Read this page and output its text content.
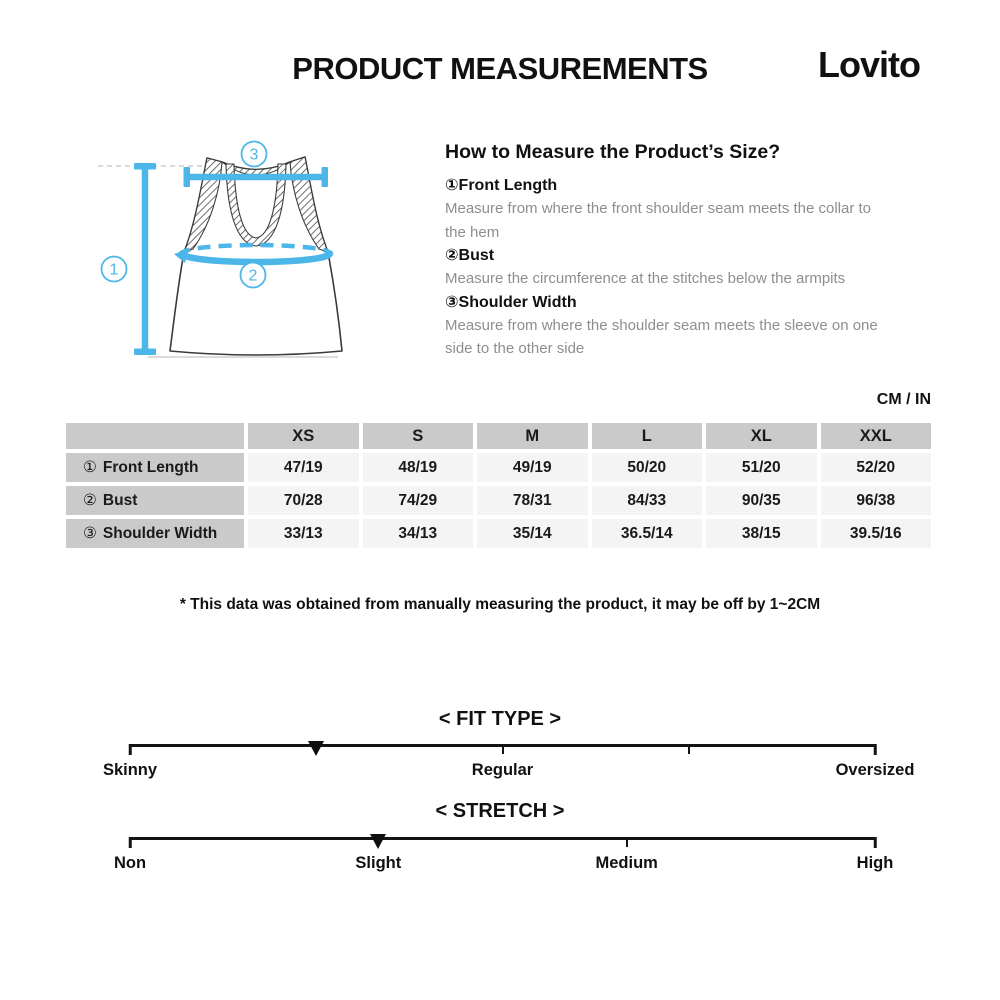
PRODUCT MEASUREMENTS	Lovito
1	2
3	How to Measure the Product’s Size?
①Front Length
Measure from where the front shoulder seam meets the collar to the hem
②Bust
Measure the circumference at the stitches below the armpits
③Shoulder Width
Measure from where the shoulder seam meets the sleeve on one side to the other side
CM / IN
	XS	S	M	L	XL	XXL
① Front Length	47/19	48/19	49/19	50/20	51/20	52/20
② Bust	70/28	74/29	78/31	84/33	90/35	96/38
③ Shoulder Width	33/13	34/13	35/14	36.5/14	38/15	39.5/16
* This data was obtained from manually measuring the product, it may be off by 1~2CM
< FIT TYPE >
Skinny	Regular	Oversized
< STRETCH >
Non	Slight	Medium	High
